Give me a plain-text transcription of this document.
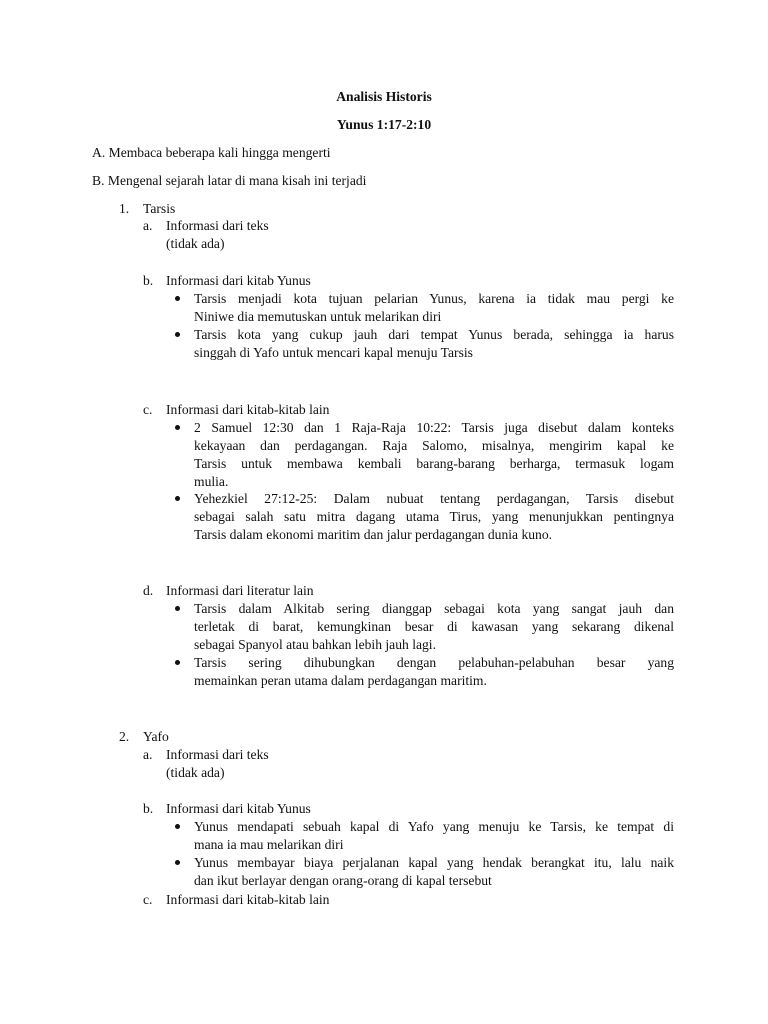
Analisis Historis
Yunus 1:17-2:10
A. Membaca beberapa kali hingga mengerti
B. Mengenal sejarah latar di mana kisah ini terjadi
1. Tarsis
a. Informasi dari teks
(tidak ada)
b. Informasi dari kitab Yunus
Tarsis menjadi kota tujuan pelarian Yunus, karena ia tidak mau pergi ke
Niniwe dia memutuskan untuk melarikan diri
Tarsis kota yang cukup jauh dari tempat Yunus berada, sehingga ia harus
singgah di Yafo untuk mencari kapal menuju Tarsis
c. Informasi dari kitab-kitab lain
2 Samuel 12:30 dan 1 Raja-Raja 10:22: Tarsis juga disebut dalam konteks
kekayaan dan perdagangan. Raja Salomo, misalnya, mengirim kapal ke
Tarsis untuk membawa kembali barang-barang berharga, termasuk logam
mulia.
Yehezkiel 27:12-25: Dalam nubuat tentang perdagangan, Tarsis disebut
sebagai salah satu mitra dagang utama Tirus, yang menunjukkan pentingnya
Tarsis dalam ekonomi maritim dan jalur perdagangan dunia kuno.
d. Informasi dari literatur lain
Tarsis dalam Alkitab sering dianggap sebagai kota yang sangat jauh dan
terletak di barat, kemungkinan besar di kawasan yang sekarang dikenal
sebagai Spanyol atau bahkan lebih jauh lagi.
Tarsis sering dihubungkan dengan pelabuhan-pelabuhan besar yang
memainkan peran utama dalam perdagangan maritim.
2. Yafo
a. Informasi dari teks
(tidak ada)
b. Informasi dari kitab Yunus
Yunus mendapati sebuah kapal di Yafo yang menuju ke Tarsis, ke tempat di
mana ia mau melarikan diri
Yunus membayar biaya perjalanan kapal yang hendak berangkat itu, lalu naik
dan ikut berlayar dengan orang-orang di kapal tersebut
c. Informasi dari kitab-kitab lain
